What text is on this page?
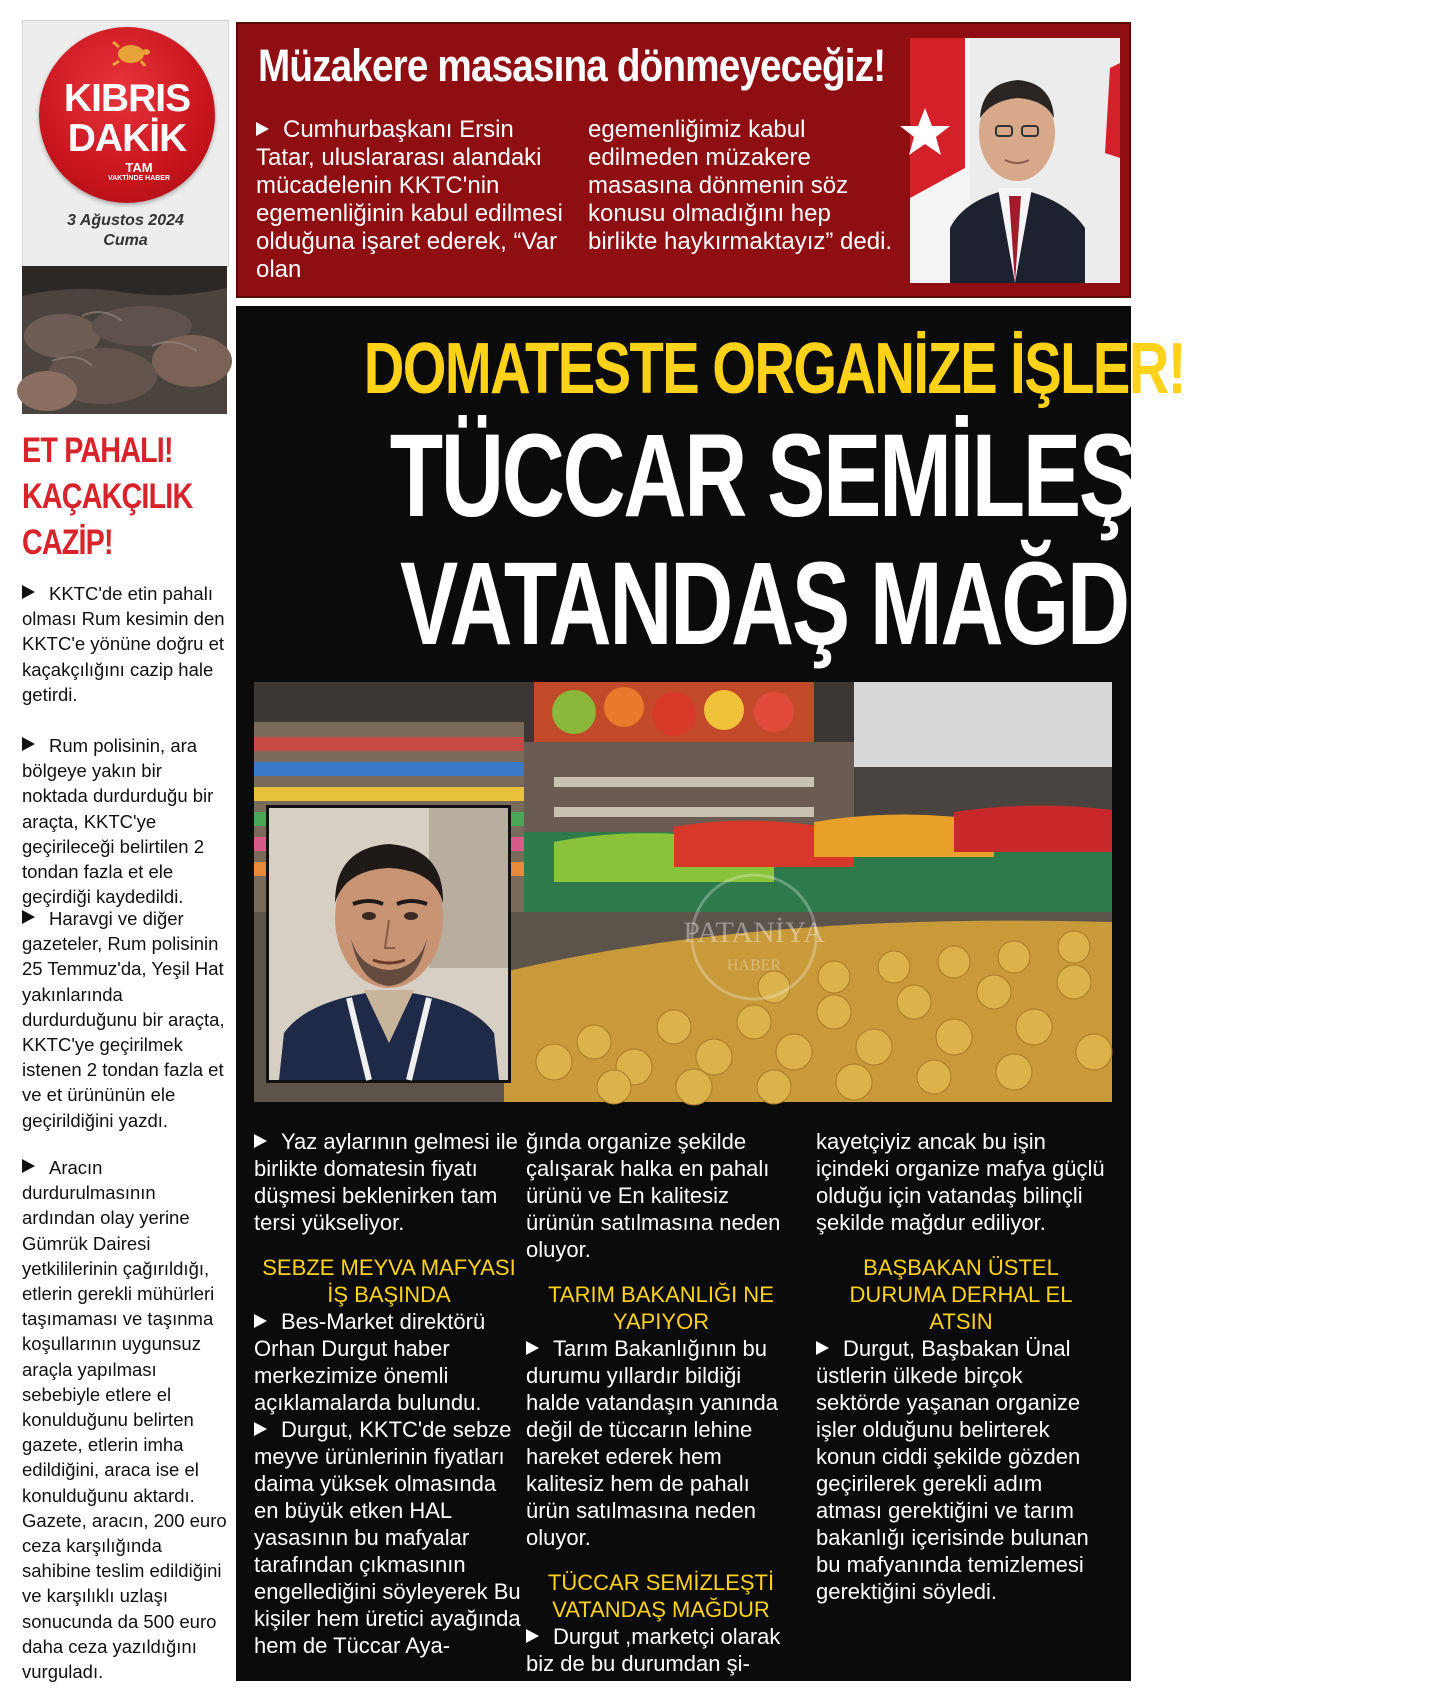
KIBRIS
DAKİK
TAM
VAKTİNDE HABER
3 Ağustos 2024
Cuma
ET PAHALI!
KAÇAKÇILIK
CAZİP!
KKTC'de etin pahalı olması Rum kesimin den KKTC'e yönüne doğru et kaçakçılığını cazip hale getirdi.
Rum polisinin, ara bölgeye yakın bir noktada durdurduğu bir araçta, KKTC'ye geçirileceği belirtilen 2 tondan fazla et ele geçirdiği kaydedildi.
Haravgi ve diğer gazeteler, Rum polisinin 25 Temmuz'da, Yeşil Hat yakınlarında durdurduğunu bir araçta, KKTC'ye geçirilmek istenen 2 tondan fazla et ve et ürününün ele geçirildiğini yazdı.
Aracın durdurulmasının ardından olay yerine Gümrük Dairesi yetkililerinin çağırıldığı, etlerin gerekli mühürleri taşımaması ve taşınma koşullarının uygunsuz araçla yapılması sebebiyle etlere el konulduğunu belirten gazete, etlerin imha edildiğini, araca ise el konulduğunu aktardı. Gazete, aracın, 200 euro ceza karşılığında sahibine teslim edildiğini ve karşılıklı uzlaşı sonucunda da 500 euro daha ceza yazıldığını vurguladı.
Müzakere masasına dönmeyeceğiz!
Cumhurbaşkanı Ersin Tatar, uluslararası alandaki mücadelenin KKTC'nin egemenliğinin kabul edilmesi olduğuna işaret ederek, “Var olan
egemenliğimiz kabul edilmeden müzakere masasına dönmenin söz konusu olmadığını hep birlikte haykırmaktayız” dedi.
DOMATESTE ORGANİZE İŞLER!
TÜCCAR SEMİLEŞTİ
VATANDAŞ MAĞDUR!
PATANİYA
HABER
Yaz aylarının gelmesi ile birlikte domatesin fiyatı düşmesi beklenirken tam tersi yükseliyor.
SEBZE MEYVA MAFYASI İŞ BAŞINDA
Bes-Market direktörü Orhan Durgut haber merkezimize önemli açıklamalarda bulundu.
Durgut, KKTC'de sebze meyve ürünlerinin fiyatları daima yüksek olmasında en büyük etken HAL yasasının bu mafyalar tarafından çıkmasının engellediğini söyleyerek Bu kişiler hem üretici ayağında hem de Tüccar Aya-
ğında organize şekilde çalışarak halka en pahalı ürünü ve En kalitesiz ürünün satılmasına neden oluyor.
TARIM BAKANLIĞI NE YAPIYOR
Tarım Bakanlığının bu durumu yıllardır bildiği halde vatandaşın yanında değil de tüccarın lehine hareket ederek hem kalitesiz hem de pahalı ürün satılmasına neden oluyor.
TÜCCAR SEMİZLEŞTİ VATANDAŞ MAĞDUR
Durgut ,marketçi olarak biz de bu durumdan şi-
kayetçiyiz ancak bu işin içindeki organize mafya güçlü olduğu için vatandaş bilinçli şekilde mağdur ediliyor.
BAŞBAKAN ÜSTEL DURUMA DERHAL EL ATSIN
Durgut, Başbakan Ünal üstlerin ülkede birçok sektörde yaşanan organize işler olduğunu belirterek konun ciddi şekilde gözden geçirilerek gerekli adım atması gerektiğini ve tarım bakanlığı içerisinde bulunan bu mafyanında temizlemesi gerektiğini söyledi.
